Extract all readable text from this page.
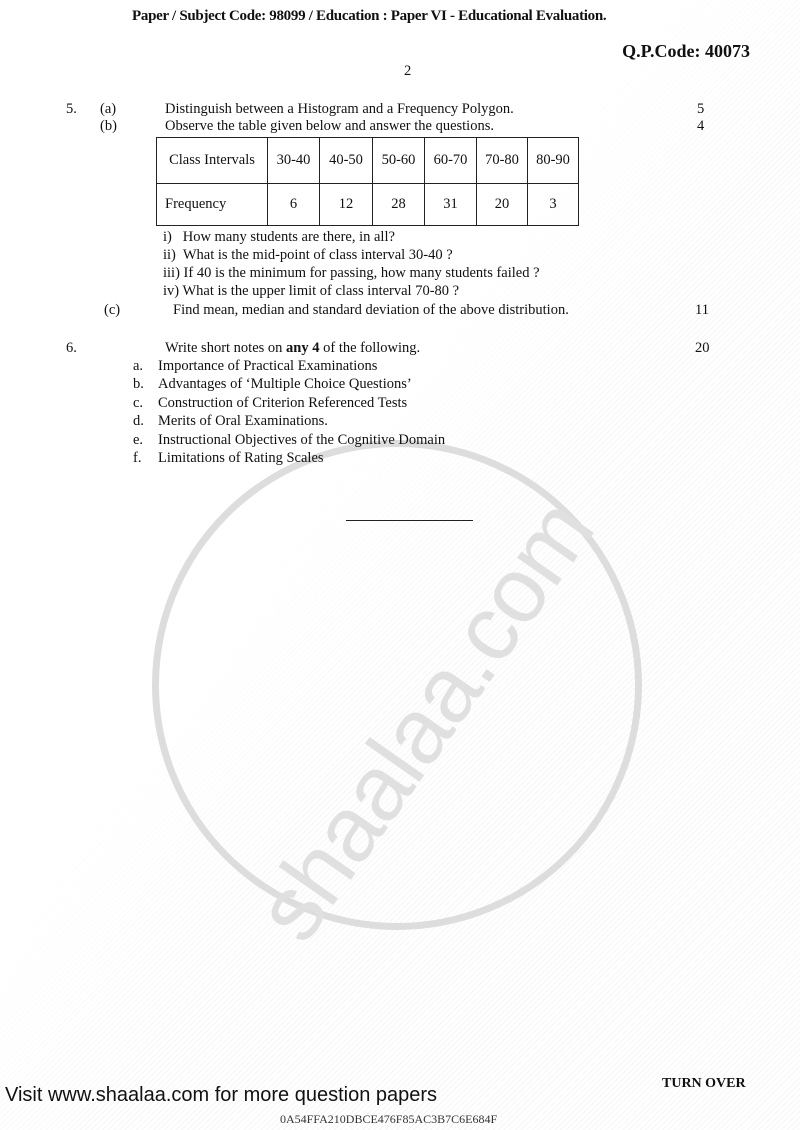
shaalaa.com
Paper / Subject Code: 98099 / Education : Paper VI - Educational Evaluation.
Q.P.Code: 40073
2
5. (a)	Distinguish between a Histogram and a Frequency Polygon.	5
(b)	Observe the table given below and answer the questions.	4
Class Intervals	30-40	40-50	50-60	60-70	70-80	80-90
Frequency	6	12	28	31	20	3
i)   How many students are there, in all?
ii)  What is the mid-point of class interval 30-40 ?
iii) If 40 is the minimum for passing, how many students failed ?
iv) What is the upper limit of class interval 70-80 ?
(c)	Find mean, median and standard deviation of the above distribution.	11
6.	Write short notes on any 4 of the following.	20
a. Importance of Practical Examinations
b. Advantages of ‘Multiple Choice Questions’
c. Construction of Criterion Referenced Tests
d. Merits of Oral Examinations.
e. Instructional Objectives of the Cognitive Domain
f. Limitations of Rating Scales
TURN OVER
Visit www.shaalaa.com for more question papers
0A54FFA210DBCE476F85AC3B7C6E684F
